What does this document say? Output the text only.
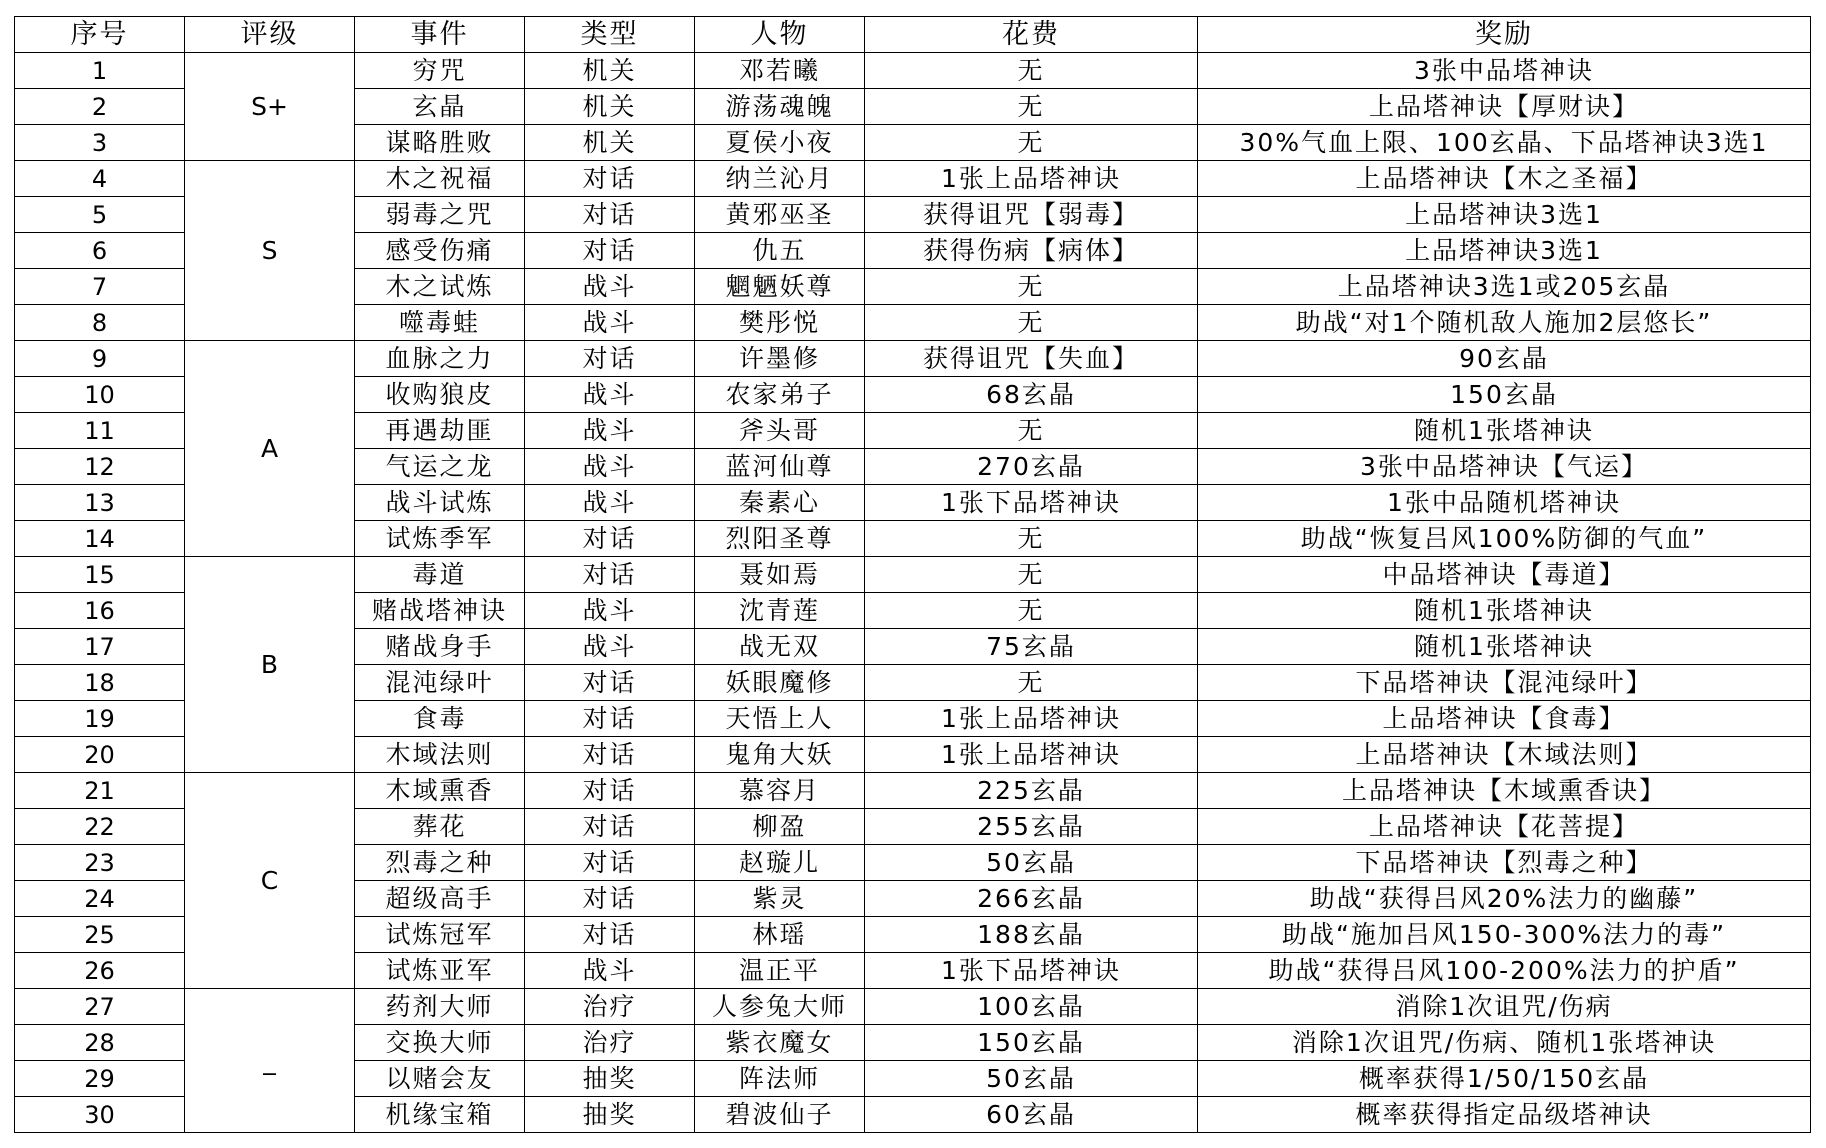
序号	评级	事件	类型	人物	花费	奖励
1	S+	穷咒	机关	邓若曦	无	3张中品塔神诀
2		玄晶	机关	游荡魂魄	无	上品塔神诀【厚财诀】
3		谋略胜败	机关	夏侯小夜	无	30%气血上限、100玄晶、下品塔神诀3选1
4	S	木之祝福	对话	纳兰沁月	1张上品塔神诀	上品塔神诀【木之圣福】
5		弱毒之咒	对话	黄邪巫圣	获得诅咒【弱毒】	上品塔神诀3选1
6		感受伤痛	对话	仇五	获得伤病【病体】	上品塔神诀3选1
7		木之试炼	战斗	魍魉妖尊	无	上品塔神诀3选1或205玄晶
8		噬毒蛙	战斗	樊彤悦	无	助战“对1个随机敌人施加2层悠长”
9	A	血脉之力	对话	许墨修	获得诅咒【失血】	90玄晶
10		收购狼皮	战斗	农家弟子	68玄晶	150玄晶
11		再遇劫匪	战斗	斧头哥	无	随机1张塔神诀
12		气运之龙	战斗	蓝河仙尊	270玄晶	3张中品塔神诀【气运】
13		战斗试炼	战斗	秦素心	1张下品塔神诀	1张中品随机塔神诀
14		试炼季军	对话	烈阳圣尊	无	助战“恢复吕风100%防御的气血”
15	B	毒道	对话	聂如焉	无	中品塔神诀【毒道】
16		赌战塔神诀	战斗	沈青莲	无	随机1张塔神诀
17		赌战身手	战斗	战无双	75玄晶	随机1张塔神诀
18		混沌绿叶	对话	妖眼魔修	无	下品塔神诀【混沌绿叶】
19		食毒	对话	天悟上人	1张上品塔神诀	上品塔神诀【食毒】
20		木域法则	对话	鬼角大妖	1张上品塔神诀	上品塔神诀【木域法则】
21	C	木域熏香	对话	慕容月	225玄晶	上品塔神诀【木域熏香诀】
22		葬花	对话	柳盈	255玄晶	上品塔神诀【花菩提】
23		烈毒之种	对话	赵璇儿	50玄晶	下品塔神诀【烈毒之种】
24		超级高手	对话	紫灵	266玄晶	助战“获得吕风20%法力的幽藤”
25		试炼冠军	对话	林瑶	188玄晶	助战“施加吕风150-300%法力的毒”
26		试炼亚军	战斗	温正平	1张下品塔神诀	助战“获得吕风100-200%法力的护盾”
27	_	药剂大师	治疗	人参兔大师	100玄晶	消除1次诅咒/伤病
28		交换大师	治疗	紫衣魔女	150玄晶	消除1次诅咒/伤病、随机1张塔神诀
29		以赌会友	抽奖	阵法师	50玄晶	概率获得1/50/150玄晶
30		机缘宝箱	抽奖	碧波仙子	60玄晶	概率获得指定品级塔神诀
